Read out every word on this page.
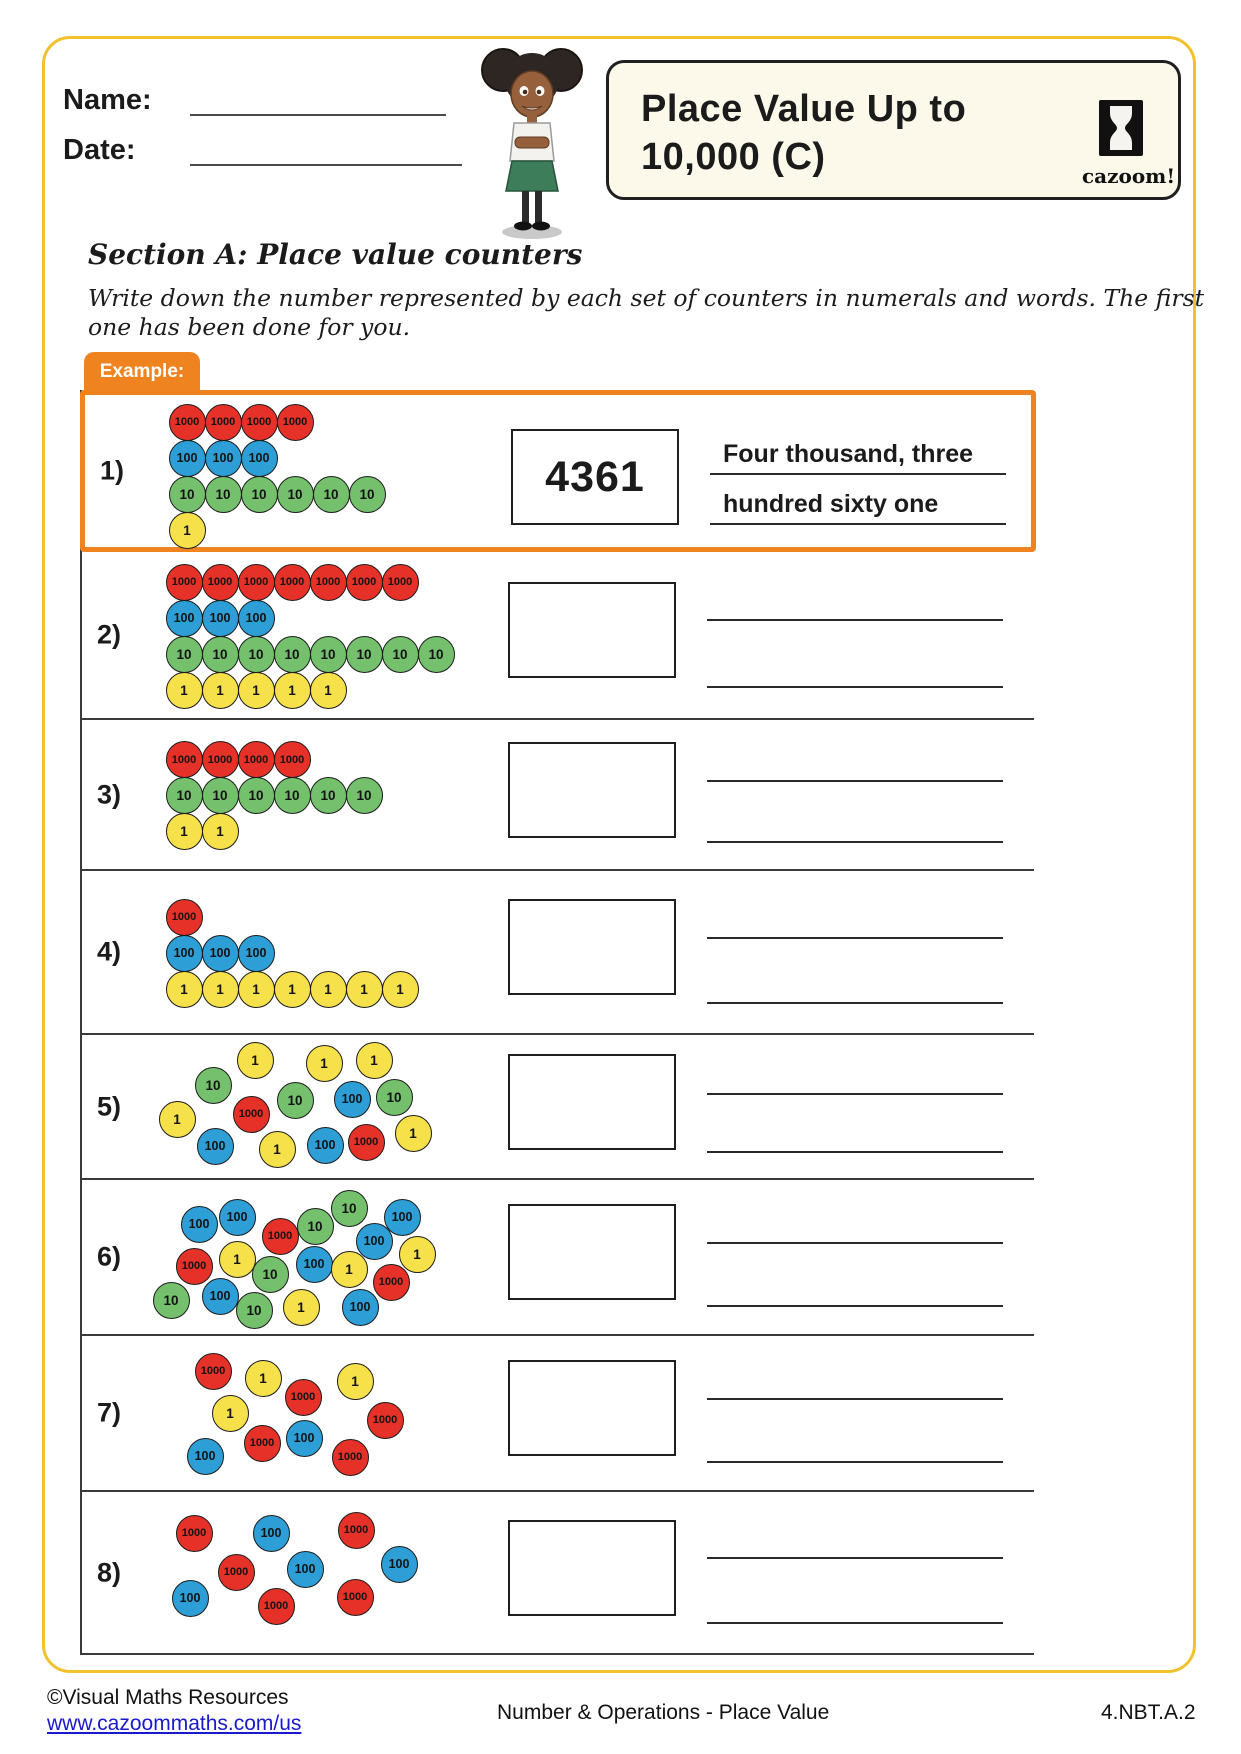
Name:
Date:
Place Value Up to
10,000 (C)	cazoom!
Section A: Place value counters
Write down the number represented by each set of counters in numerals and words. The first
one has been done for you.
Example:
1)
1000	1000	1000	1000
100	100	100
10	10	10	10	10	10
1
4361	Four thousand, three
hundred sixty one
2)
1000	1000	1000	1000	1000	1000	1000
100	100	100
10	10	10	10	10	10	10	10
1	1	1	1	1
3)
1000	1000	1000	1000
10	10	10	10	10	10
1	1
4)
1000
100	100	100
1	1	1	1	1	1	1
5)
1	1	1
10
10	100	10
1	1000
1
100	1	100	1000
6)
100	100
1000
10
10
100
100
1000	1
10
100	1
1
1000
10	100
10	1	100
7)
1000	1
1000
1
1	1000
100
1000	100
1000
8)
1000	100	1000
1000	100	100
100
1000
1000
©Visual Maths Resources
www.cazoommaths.com/us	Number & Operations - Place Value	4.NBT.A.2
